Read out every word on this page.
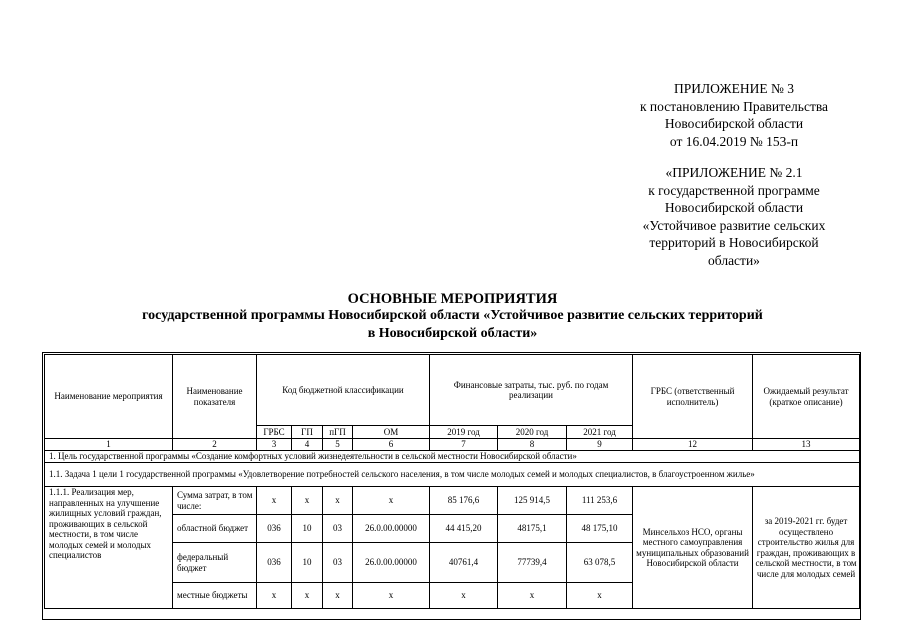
ПРИЛОЖЕНИЕ № 3
к постановлению Правительства
Новосибирской области
от 16.04.2019 № 153-п
«ПРИЛОЖЕНИЕ № 2.1
к государственной программе
Новосибирской области
«Устойчивое развитие сельских
территорий в Новосибирской
области»
ОСНОВНЫЕ МЕРОПРИЯТИЯ
государственной программы Новосибирской области «Устойчивое развитие сельских территорий
в Новосибирской области»
Наименование мероприятия	Наименование показателя	Код бюджетной классификации				Финансовые затраты, тыс. руб. по годам реализации			ГРБС (ответственный исполнитель)	Ожидаемый результат (краткое описание)
		ГРБС	ГП	пГП	ОМ	2019 год	2020 год	2021 год		
1	2	3	4	5	6	7	8	9	12	13
1. Цель государственной программы «Создание комфортных условий жизнедеятельности в сельской местности Новосибирской области»										
1.1. Задача 1 цели 1 государственной программы «Удовлетворение потребностей сельского населения, в том числе молодых семей и молодых специалистов, в благоустроенном жилье»										
1.1.1. Реализация мер, направленных на улучшение жилищных условий граждан, проживающих в сельской местности, в том числе молодых семей и молодых специалистов	Сумма затрат, в том числе:	х	х	х	х	85 176,6	125 914,5	111 253,6	Минсельхоз НСО, органы местного самоуправления муниципальных образований Новосибирской области	за 2019-2021 гг. будет осуществлено строительство жилья для граждан, проживающих в сельской местности, в том числе для молодых семей
	областной бюджет	036	10	03	26.0.00.00000	44 415,20	48175,1	48 175,10		
	федеральный бюджет	036	10	03	26.0.00.00000	40761,4	77739,4	63 078,5		
	местные бюджеты	х	х	х	х	х	х	х		
